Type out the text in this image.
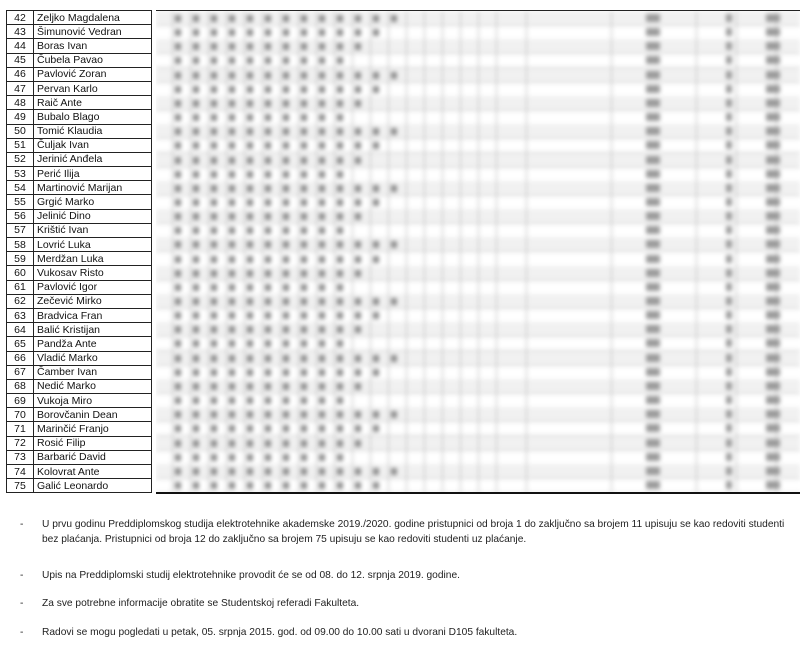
42	Zeljko Magdalena
43	Šimunović Vedran
44	Boras Ivan
45	Čubela Pavao
46	Pavlović Zoran
47	Pervan Karlo
48	Raič Ante
49	Bubalo Blago
50	Tomić Klaudia
51	Čuljak Ivan
52	Jerinić Anđela
53	Perić Ilija
54	Martinović Marijan
55	Grgić Marko
56	Jelinić Dino
57	Krištić Ivan
58	Lovrić Luka
59	Merdžan Luka
60	Vukosav Risto
61	Pavlović Igor
62	Zečević Mirko
63	Bradvica Fran
64	Balić Kristijan
65	Pandža Ante
66	Vladić Marko
67	Čamber Ivan
68	Nedić Marko
69	Vukoja Miro
70	Borovčanin Dean
71	Marinčić Franjo
72	Rosić Filip
73	Barbarić David
74	Kolovrat Ante
75	Galić Leonardo
- U prvu godinu Preddiplomskog studija elektrotehnike akademske 2019./2020. godine pristupnici od broja 1 do zaključno sa brojem 11 upisuju se kao redoviti studenti bez plaćanja. Pristupnici od broja 12 do zaključno sa brojem 75 upisuju se kao redoviti studenti uz plaćanje.
- Upis na Preddiplomski studij elektrotehnike provodit će se od 08. do 12. srpnja 2019. godine.
- Za sve potrebne informacije obratite se Studentskoj referadi Fakulteta.
- Radovi se mogu pogledati u petak, 05. srpnja 2015. god. od 09.00 do 10.00 sati u dvorani D105 fakulteta.
